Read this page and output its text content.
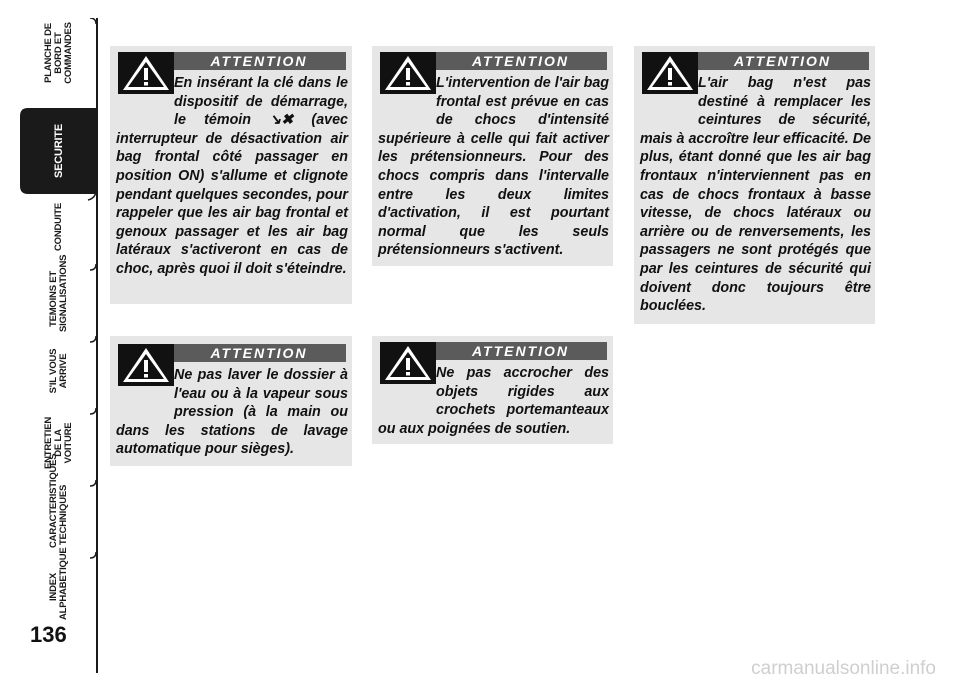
PLANCHE DE
BORD ET
COMMANDES
SECURITE
CONDUITE
TEMOINS ET
SIGNALISATIONS
S'IL VOUS
ARRIVE
ENTRETIEN
DE LA VOITURE
CARACTERISTIQUES
TECHNIQUES
INDEX
ALPHABETIQUE
136
ATTENTION

En insérant la clé dans le dispositif de démarrage, le témoin ↘✖ (avec interrupteur de désactivation air bag frontal côté passager en position ON) s'allume et clignote pendant quelques secondes, pour rappeler que les air bag frontal et genoux passager et les air bag latéraux s'activeront en cas de choc, après quoi il doit s'éteindre.

ATTENTION

L'intervention de l'air bag frontal est prévue en cas de chocs d'intensité supérieure à celle qui fait activer les prétensionneurs. Pour des chocs compris dans l'intervalle entre les deux limites d'activation, il est pourtant normal que les seuls prétensionneurs s'activent.

ATTENTION

L'air bag n'est pas destiné à remplacer les ceintures de sécurité, mais à accroître leur efficacité. De plus, étant donné que les air bag frontaux n'interviennent pas en cas de chocs frontaux à basse vitesse, de chocs latéraux ou arrière ou de renversements, les passagers ne sont protégés que par les ceintures de sécurité qui doivent donc toujours être bouclées.

ATTENTION

Ne pas laver le dossier à l'eau ou à la vapeur sous pression (à la main ou dans les stations de lavage automatique pour sièges).

ATTENTION

Ne pas accrocher des objets rigides aux crochets portemanteaux ou aux poignées de soutien.

carmanualsonline.info
